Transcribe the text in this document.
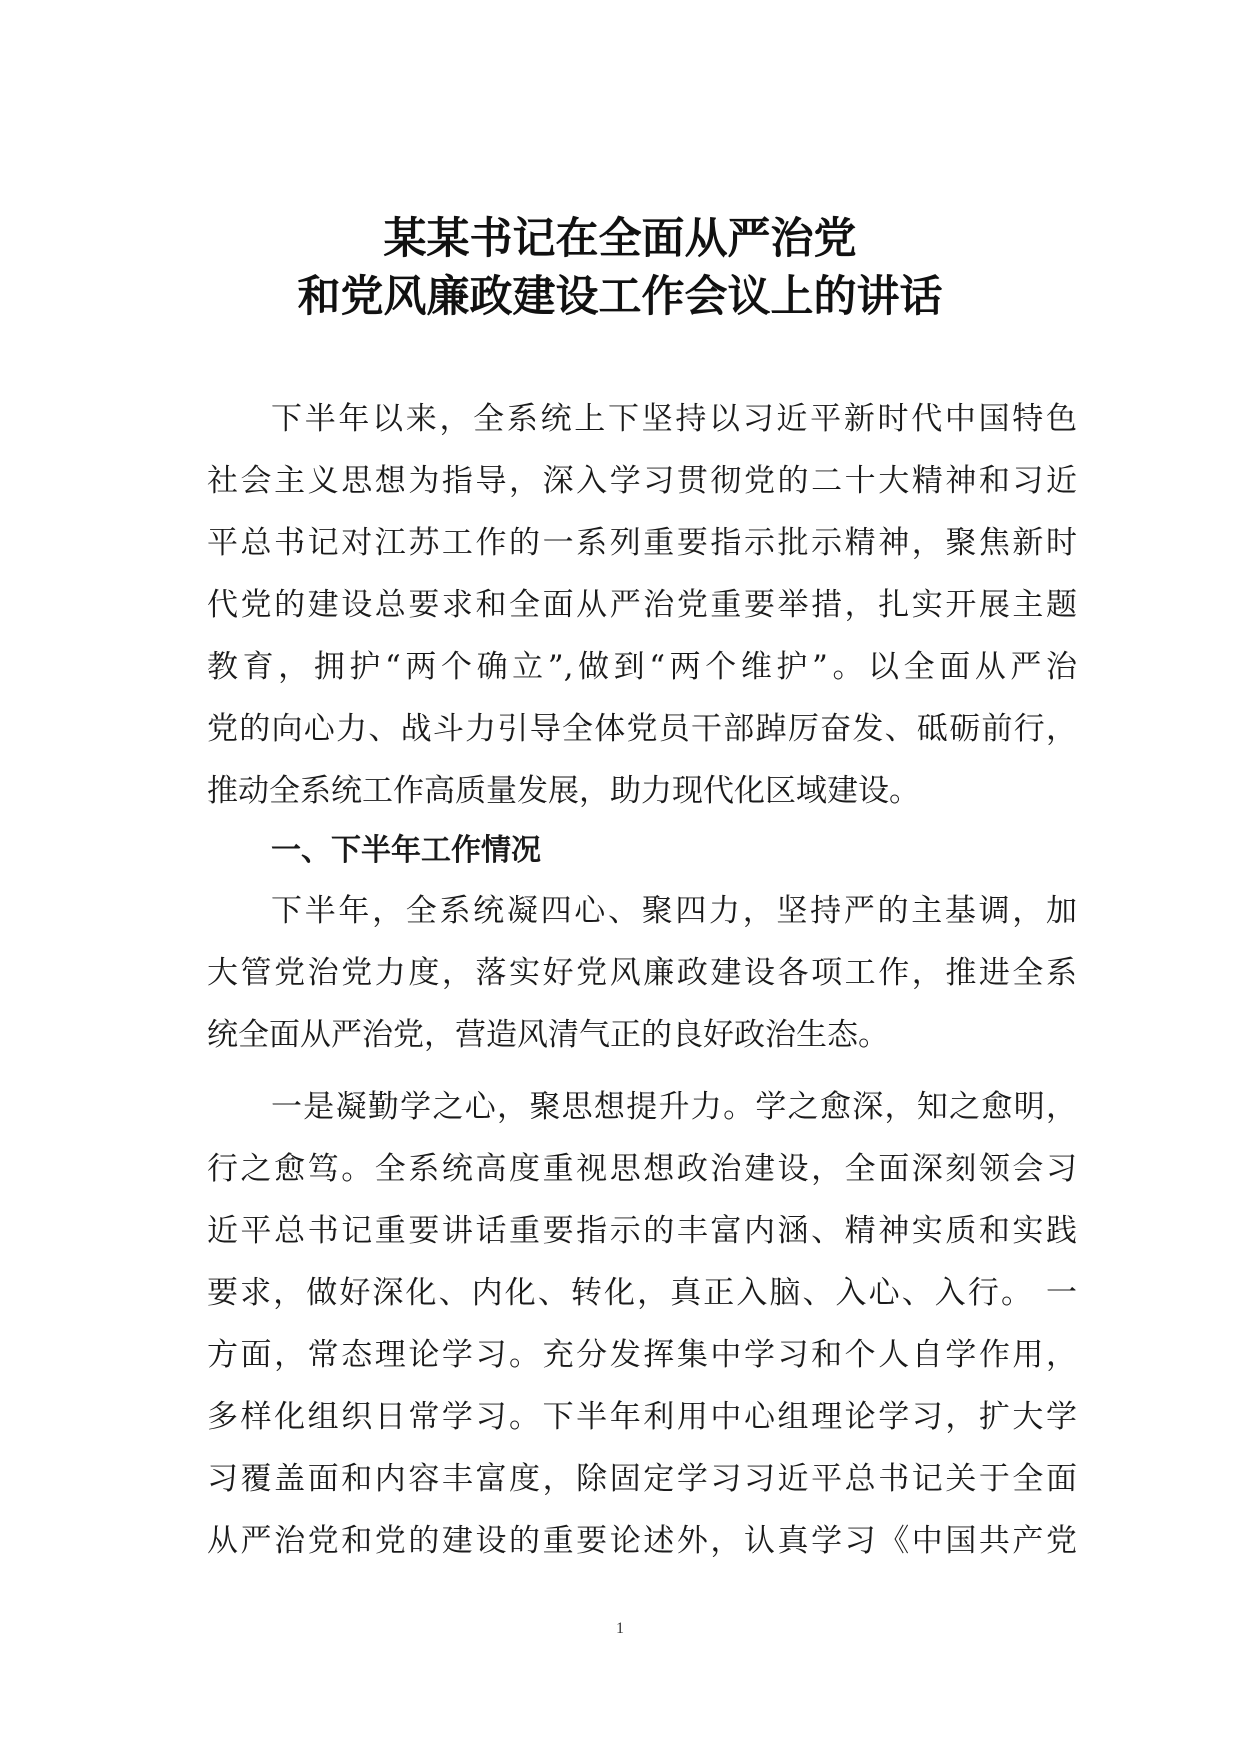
某某书记在全面从严治党
和党风廉政建设工作会议上的讲话
下半年以来，全系统上下坚持以习近平新时代中国特色
社会主义思想为指导，深入学习贯彻党的二十大精神和习近
平总书记对江苏工作的一系列重要指示批示精神，聚焦新时
代党的建设总要求和全面从严治党重要举措，扎实开展主题
教育，拥护“两个确立”,做到“两个维护”。以全面从严治
党的向心力、战斗力引导全体党员干部踔厉奋发、砥砺前行，
推动全系统工作高质量发展，助力现代化区域建设。
一、下半年工作情况
下半年，全系统凝四心、聚四力，坚持严的主基调，加
大管党治党力度，落实好党风廉政建设各项工作，推进全系
统全面从严治党，营造风清气正的良好政治生态。
一是凝勤学之心，聚思想提升力。学之愈深，知之愈明，
行之愈笃。全系统高度重视思想政治建设，全面深刻领会习
近平总书记重要讲话重要指示的丰富内涵、精神实质和实践
要求，做好深化、内化、转化，真正入脑、入心、入行。 一
方面，常态理论学习。充分发挥集中学习和个人自学作用，
多样化组织日常学习。下半年利用中心组理论学习，扩大学
习覆盖面和内容丰富度，除固定学习习近平总书记关于全面
从严治党和党的建设的重要论述外，认真学习《中国共产党
1
